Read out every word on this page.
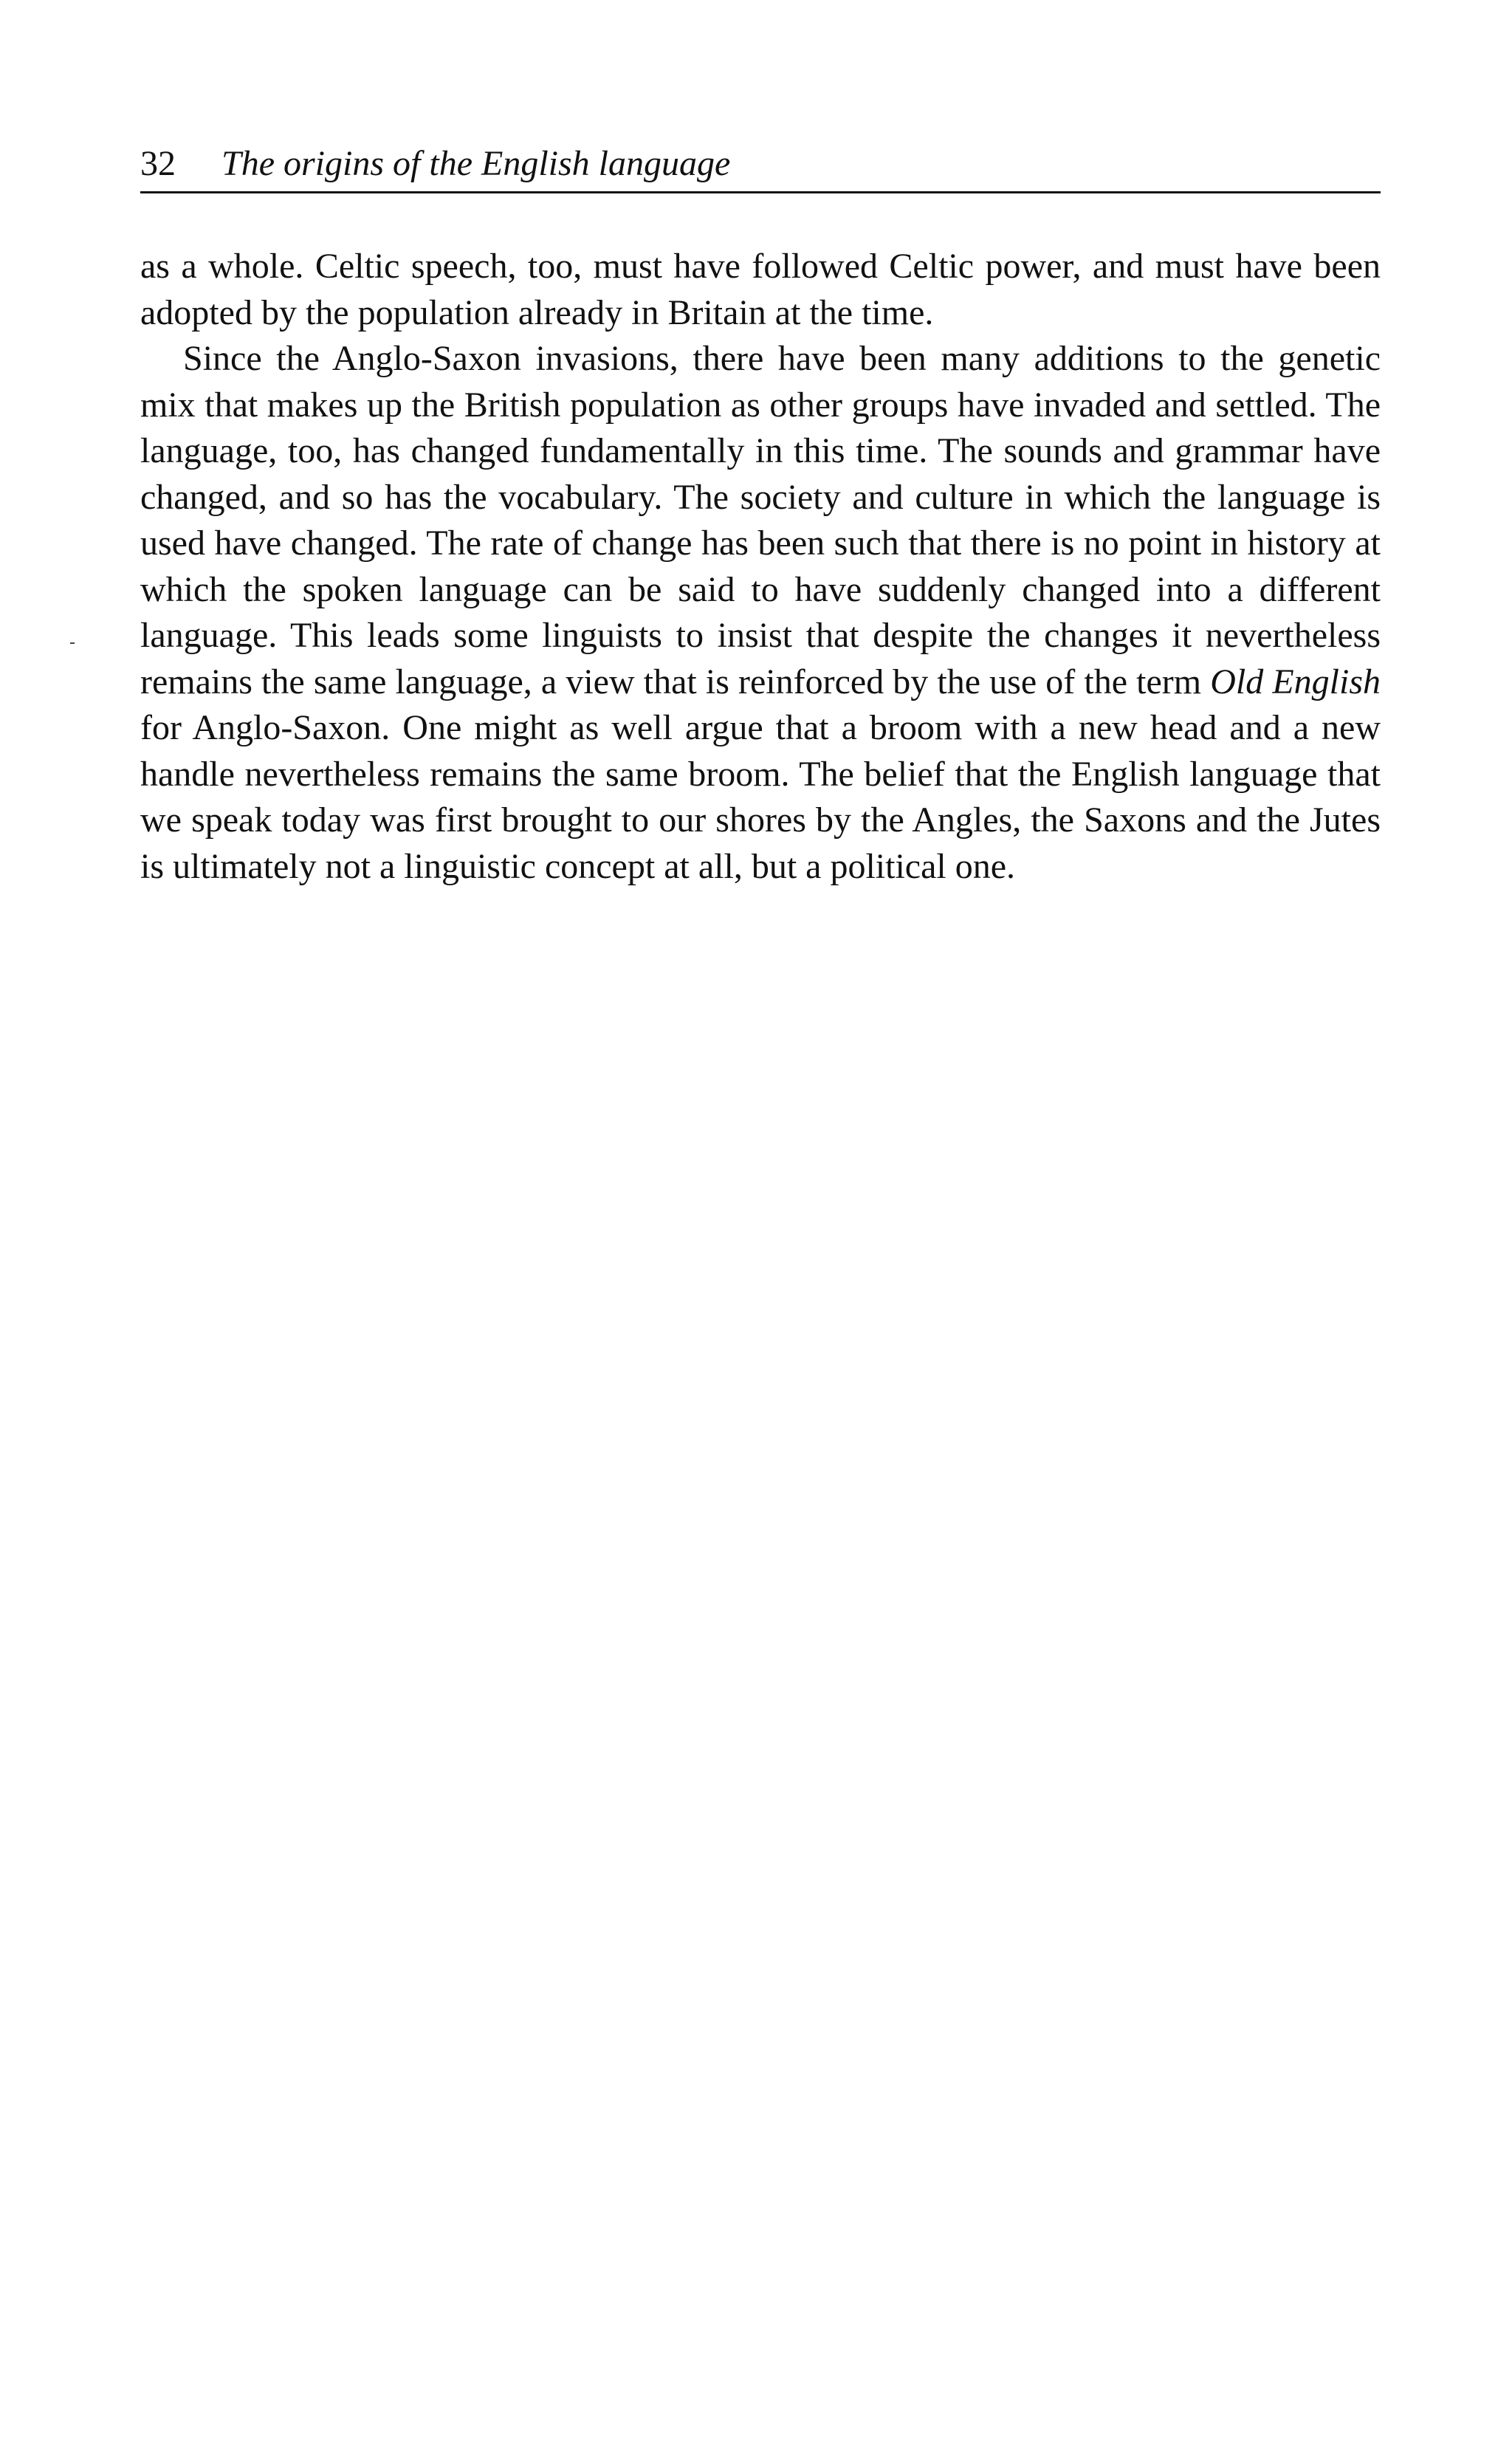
32 The origins of the English language

as a whole. Celtic speech, too, must have followed Celtic power, and must have been adopted by the population already in Britain at the time.

Since the Anglo-Saxon invasions, there have been many additions to the genetic mix that makes up the British population as other groups have invaded and settled. The language, too, has changed fundamentally in this time. The sounds and grammar have changed, and so has the vocabulary. The society and culture in which the language is used have changed. The rate of change has been such that there is no point in history at which the spoken language can be said to have suddenly changed into a different language. This leads some linguists to insist that despite the changes it nevertheless remains the same language, a view that is reinforced by the use of the term Old English for Anglo-Saxon. One might as well argue that a broom with a new head and a new handle nevertheless remains the same broom. The belief that the English language that we speak today was first brought to our shores by the Angles, the Saxons and the Jutes is ultimately not a linguistic concept at all, but a political one.
